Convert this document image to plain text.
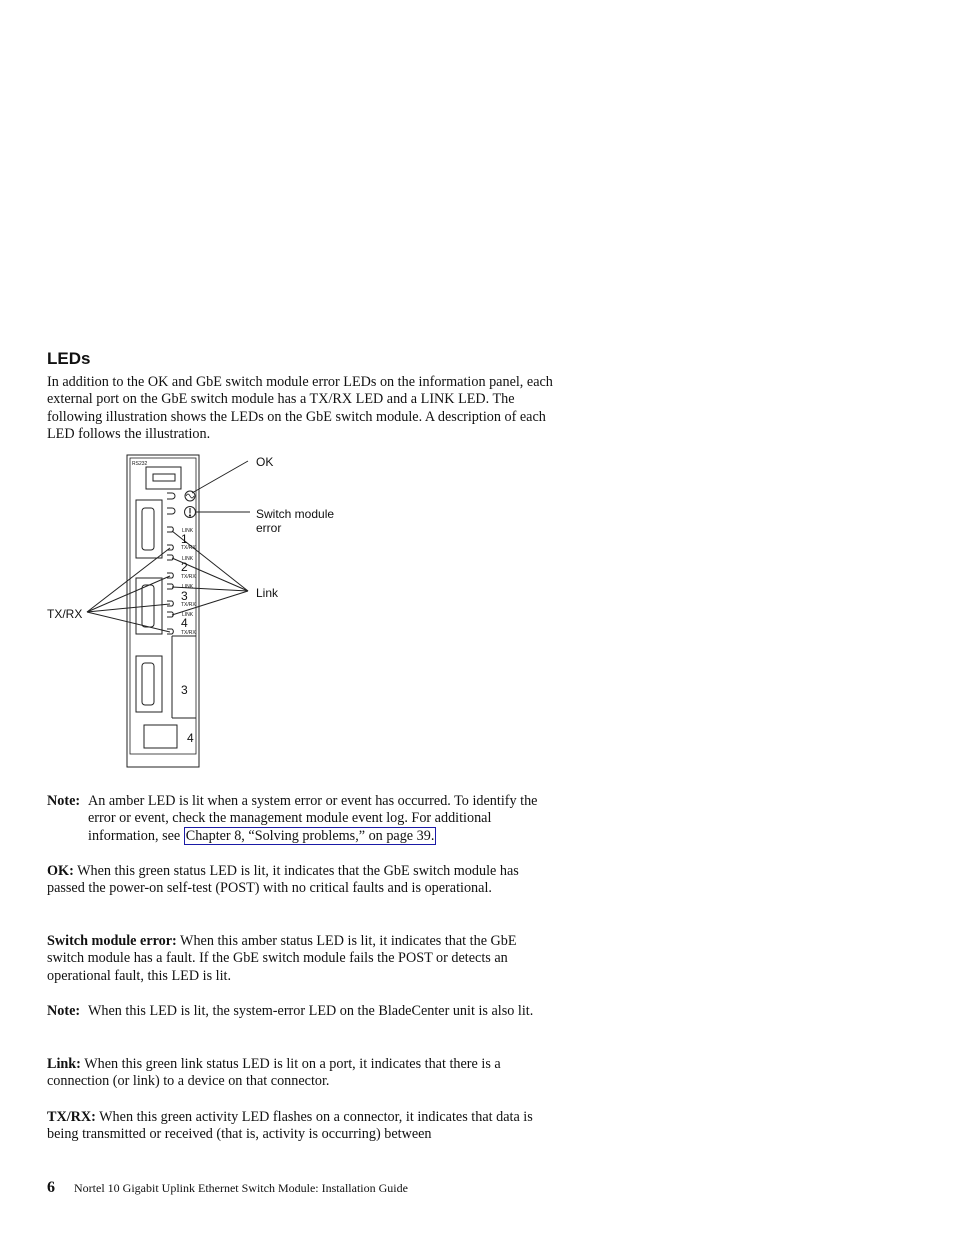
LEDs

In addition to the OK and GbE switch module error LEDs on the information panel, each external port on the GbE switch module has a TX/RX LED and a LINK LED. The following illustration shows the LEDs on the GbE switch module. A description of each LED follows the illustration.

RS232
LINK
TX/RX
LINK
TX/RX
LINK
TX/RX
LINK
TX/RX
1
2
3
4
3
4
OK
Switch module
error
Link
TX/RX
Note: An amber LED is lit when a system error or event has occurred. To identify the error or event, check the management module event log. For additional information, see Chapter 8, “Solving problems,” on page 39.

OK: When this green status LED is lit, it indicates that the GbE switch module has passed the power-on self-test (POST) with no critical faults and is operational.

Switch module error: When this amber status LED is lit, it indicates that the GbE switch module has a fault. If the GbE switch module fails the POST or detects an operational fault, this LED is lit.

Note: When this LED is lit, the system-error LED on the BladeCenter unit is also lit.

Link: When this green link status LED is lit on a port, it indicates that there is a connection (or link) to a device on that connector.

TX/RX: When this green activity LED flashes on a connector, it indicates that data is being transmitted or received (that is, activity is occurring) between

6 Nortel 10 Gigabit Uplink Ethernet Switch Module: Installation Guide
